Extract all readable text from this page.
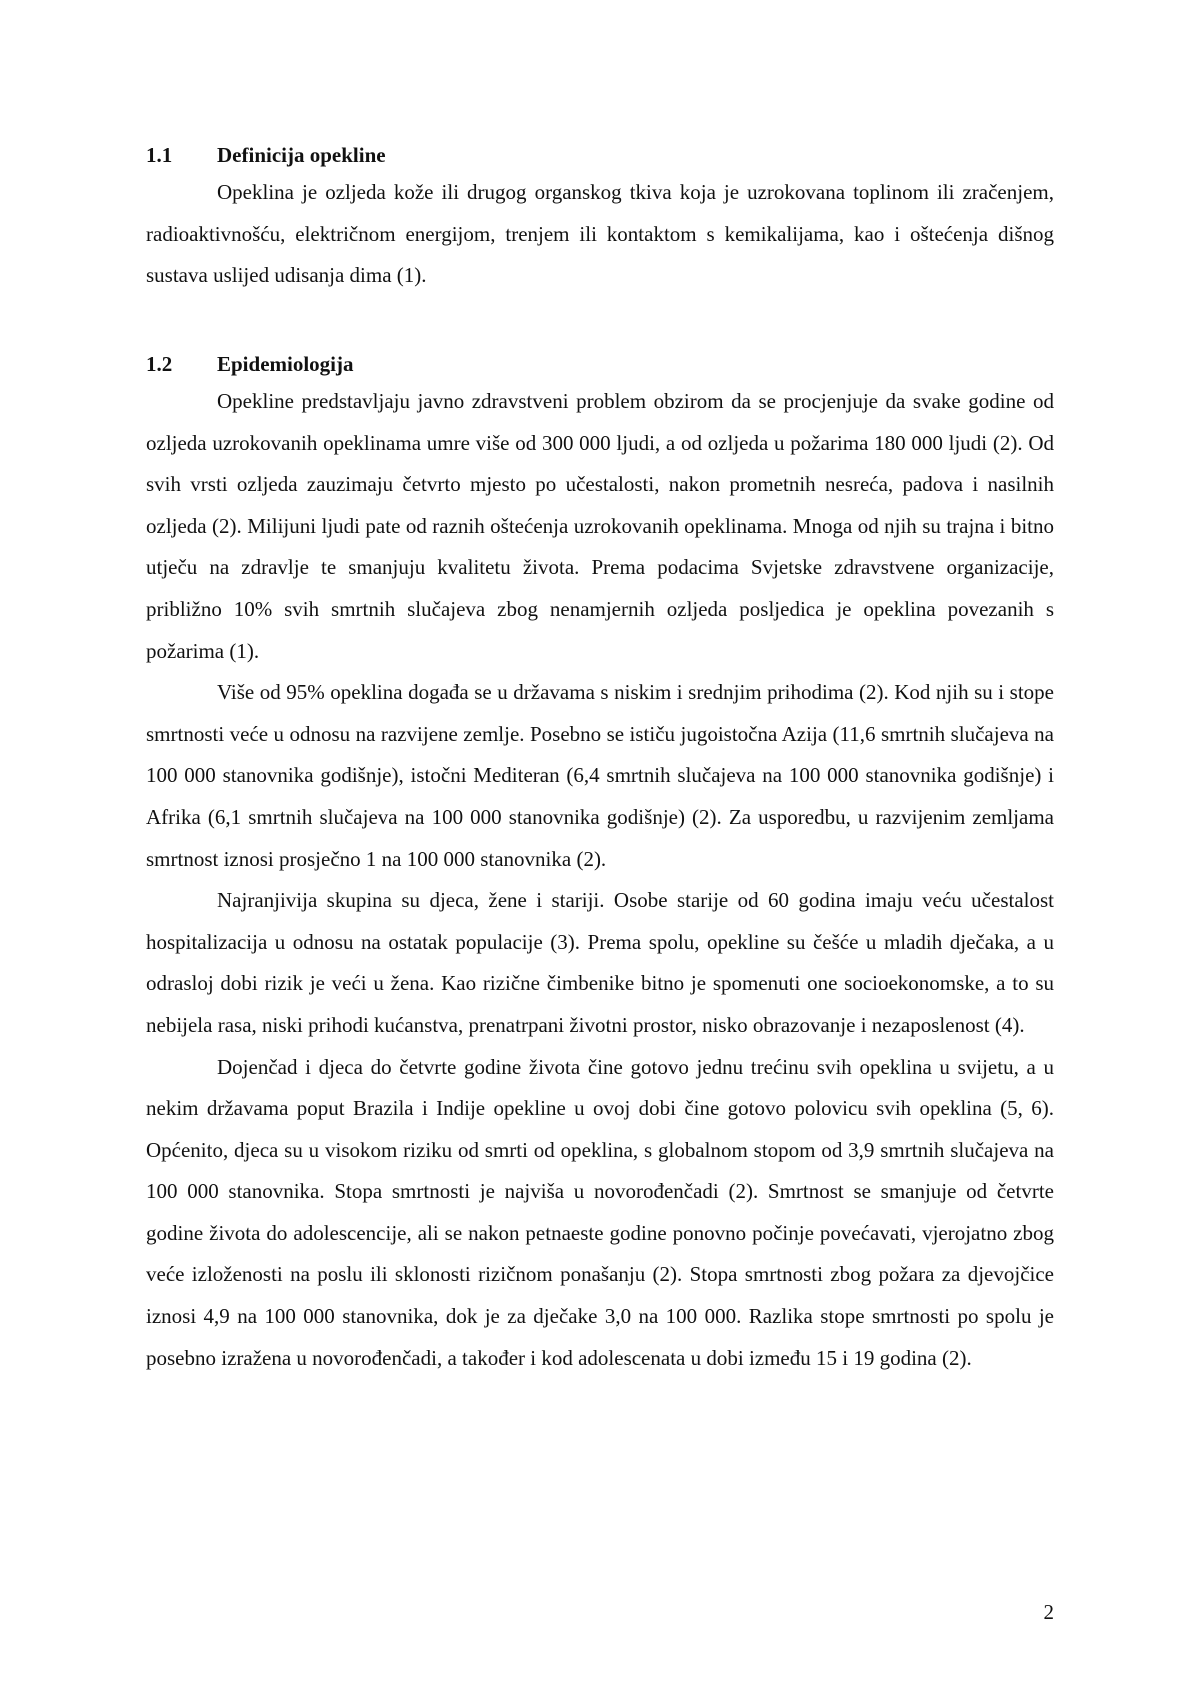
1.1	Definicija opekline

Opeklina je ozljeda kože ili drugog organskog tkiva koja je uzrokovana toplinom ili zračenjem, radioaktivnošću, električnom energijom, trenjem ili kontaktom s kemikalijama, kao i oštećenja dišnog sustava uslijed udisanja dima (1).

1.2	Epidemiologija

Opekline predstavljaju javno zdravstveni problem obzirom da se procjenjuje da svake godine od ozljeda uzrokovanih opeklinama umre više od 300 000 ljudi, a od ozljeda u požarima 180 000 ljudi (2). Od svih vrsti ozljeda zauzimaju četvrto mjesto po učestalosti, nakon prometnih nesreća, padova i nasilnih ozljeda (2). Milijuni ljudi pate od raznih oštećenja uzrokovanih opeklinama. Mnoga od njih su trajna i bitno utječu na zdravlje te smanjuju kvalitetu života. Prema podacima Svjetske zdravstvene organizacije, približno 10% svih smrtnih slučajeva zbog nenamjernih ozljeda posljedica je opeklina povezanih s požarima (1).

Više od 95% opeklina događa se u državama s niskim i srednjim prihodima (2). Kod njih su i stope smrtnosti veće u odnosu na razvijene zemlje. Posebno se ističu jugoistočna Azija (11,6 smrtnih slučajeva na 100 000 stanovnika godišnje), istočni Mediteran (6,4 smrtnih slučajeva na 100 000 stanovnika godišnje) i Afrika (6,1 smrtnih slučajeva na 100 000 stanovnika godišnje) (2). Za usporedbu, u razvijenim zemljama smrtnost iznosi prosječno 1 na 100 000 stanovnika (2).

Najranjivija skupina su djeca, žene i stariji. Osobe starije od 60 godina imaju veću učestalost hospitalizacija u odnosu na ostatak populacije (3). Prema spolu, opekline su češće u mladih dječaka, a u odrasloj dobi rizik je veći u žena. Kao rizične čimbenike bitno je spomenuti one socioekonomske, a to su nebijela rasa, niski prihodi kućanstva, prenatrpani životni prostor, nisko obrazovanje i nezaposlenost (4).

Dojenčad i djeca do četvrte godine života čine gotovo jednu trećinu svih opeklina u svijetu, a u nekim državama poput Brazila i Indije opekline u ovoj dobi čine gotovo polovicu svih opeklina (5, 6). Općenito, djeca su u visokom riziku od smrti od opeklina, s globalnom stopom od 3,9 smrtnih slučajeva na 100 000 stanovnika. Stopa smrtnosti je najviša u novorođenčadi (2). Smrtnost se smanjuje od četvrte godine života do adolescencije, ali se nakon petnaeste godine ponovno počinje povećavati, vjerojatno zbog veće izloženosti na poslu ili sklonosti rizičnom ponašanju (2). Stopa smrtnosti zbog požara za djevojčice iznosi 4,9 na 100 000 stanovnika, dok je za dječake 3,0 na 100 000. Razlika stope smrtnosti po spolu je posebno izražena u novorođenčadi, a također i kod adolescenata u dobi između 15 i 19 godina (2).

2
